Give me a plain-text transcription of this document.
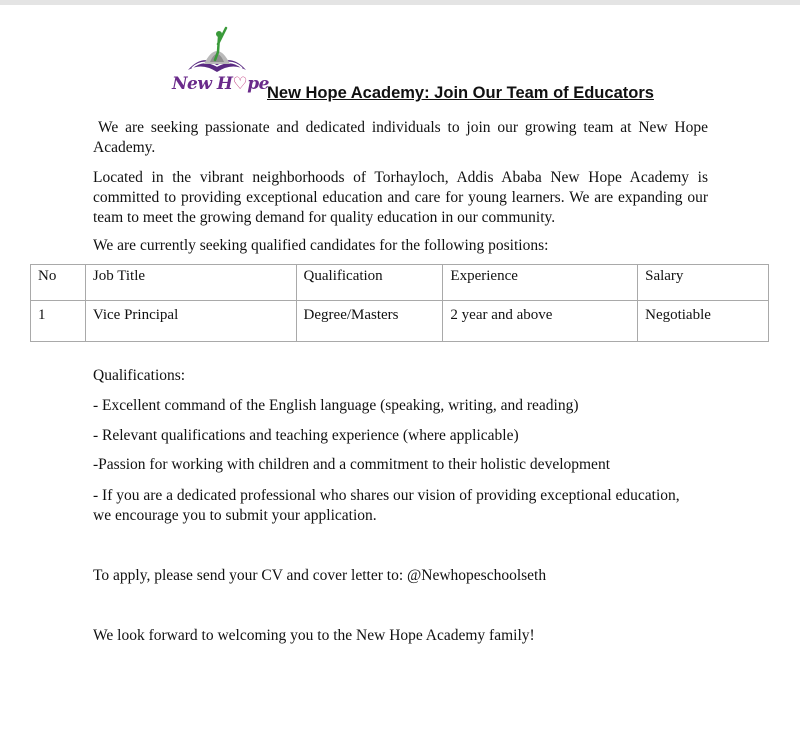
New H♡pe
New Hope Academy: Join Our Team of Educators
We are seeking passionate and dedicated individuals to join our growing team at New Hope Academy.
Located in the vibrant neighborhoods of Torhayloch, Addis Ababa New Hope Academy is committed to providing exceptional education and care for young learners. We are expanding our team to meet the growing demand for quality education in our community.
We are currently seeking qualified candidates for the following positions:
No	Job Title	Qualification	Experience	Salary
1	Vice Principal	Degree/Masters	2 year and above	Negotiable
Qualifications:
- Excellent command of the English language (speaking, writing, and reading)
- Relevant qualifications and teaching experience (where applicable)
-Passion for working with children and a commitment to their holistic development
- If you are a dedicated professional who shares our vision of providing exceptional education, we encourage you to submit your application.
To apply, please send your CV and cover letter to: @Newhopeschoolseth
We look forward to welcoming you to the New Hope Academy family!
